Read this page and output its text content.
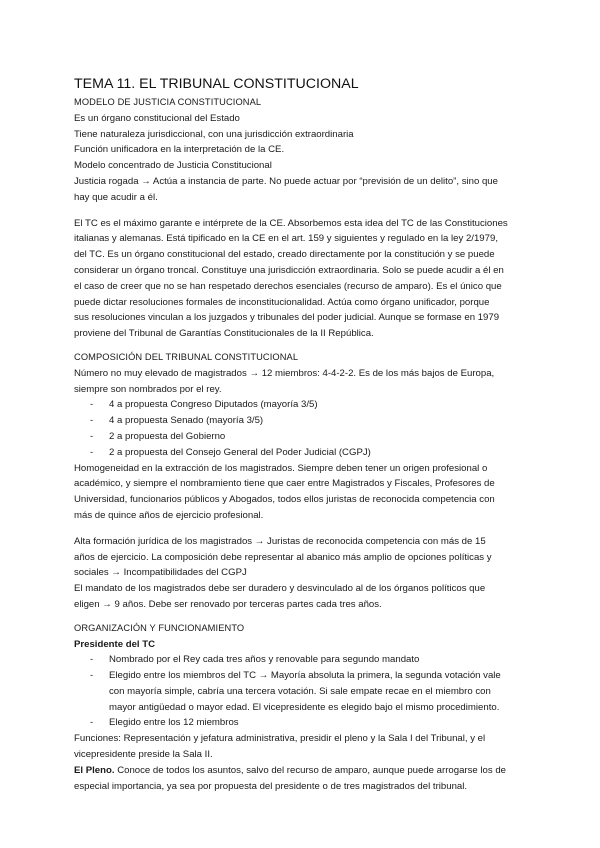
TEMA 11. EL TRIBUNAL CONSTITUCIONAL
MODELO DE JUSTICIA CONSTITUCIONAL

Es un órgano constitucional del Estado
Tiene naturaleza jurisdiccional, con una jurisdicción extraordinaria
Función unificadora en la interpretación de la CE.
Modelo concentrado de Justicia Constitucional
Justicia rogada → Actúa a instancia de parte. No puede actuar por “previsión de un delito”, sino que
hay que acudir a él.

El TC es el máximo garante e intérprete de la CE. Absorbemos esta idea del TC de las Constituciones
italianas y alemanas. Está tipificado en la CE en el art. 159 y siguientes y regulado en la ley 2/1979,
del TC. Es un órgano constitucional del estado, creado directamente por la constitución y se puede
considerar un órgano troncal. Constituye una jurisdicción extraordinaria. Solo se puede acudir a él en
el caso de creer que no se han respetado derechos esenciales (recurso de amparo). Es el único que
puede dictar resoluciones formales de inconstitucionalidad. Actúa como órgano unificador, porque
sus resoluciones vinculan a los juzgados y tribunales del poder judicial. Aunque se formase en 1979
proviene del Tribunal de Garantías Constitucionales de la II República.

COMPOSICIÓN DEL TRIBUNAL CONSTITUCIONAL

Número no muy elevado de magistrados → 12 miembros: 4-4-2-2. Es de los más bajos de Europa,
siempre son nombrados por el rey.

- 4 a propuesta Congreso Diputados (mayoría 3/5)
- 4 a propuesta Senado (mayoría 3/5)
- 2 a propuesta del Gobierno
- 2 a propuesta del Consejo General del Poder Judicial (CGPJ)

Homogeneidad en la extracción de los magistrados. Siempre deben tener un origen profesional o
académico, y siempre el nombramiento tiene que caer entre Magistrados y Fiscales, Profesores de
Universidad, funcionarios públicos y Abogados, todos ellos juristas de reconocida competencia con
más de quince años de ejercicio profesional.

Alta formación jurídica de los magistrados → Juristas de reconocida competencia con más de 15
años de ejercicio. La composición debe representar al abanico más amplio de opciones políticas y
sociales → Incompatibilidades del CGPJ
El mandato de los magistrados debe ser duradero y desvinculado al de los órganos políticos que
eligen → 9 años. Debe ser renovado por terceras partes cada tres años.

ORGANIZACIÓN Y FUNCIONAMIENTO

Presidente del TC

- Nombrado por el Rey cada tres años y renovable para segundo mandato
- Elegido entre los miembros del TC → Mayoría absoluta la primera, la segunda votación vale
con mayoría simple, cabría una tercera votación. Si sale empate recae en el miembro con
mayor antigüedad o mayor edad. El vicepresidente es elegido bajo el mismo procedimiento.
- Elegido entre los 12 miembros

Funciones: Representación y jefatura administrativa, presidir el pleno y la Sala I del Tribunal, y el
vicepresidente preside la Sala II.

El Pleno. Conoce de todos los asuntos, salvo del recurso de amparo, aunque puede arrogarse los de
especial importancia, ya sea por propuesta del presidente o de tres magistrados del tribunal.
